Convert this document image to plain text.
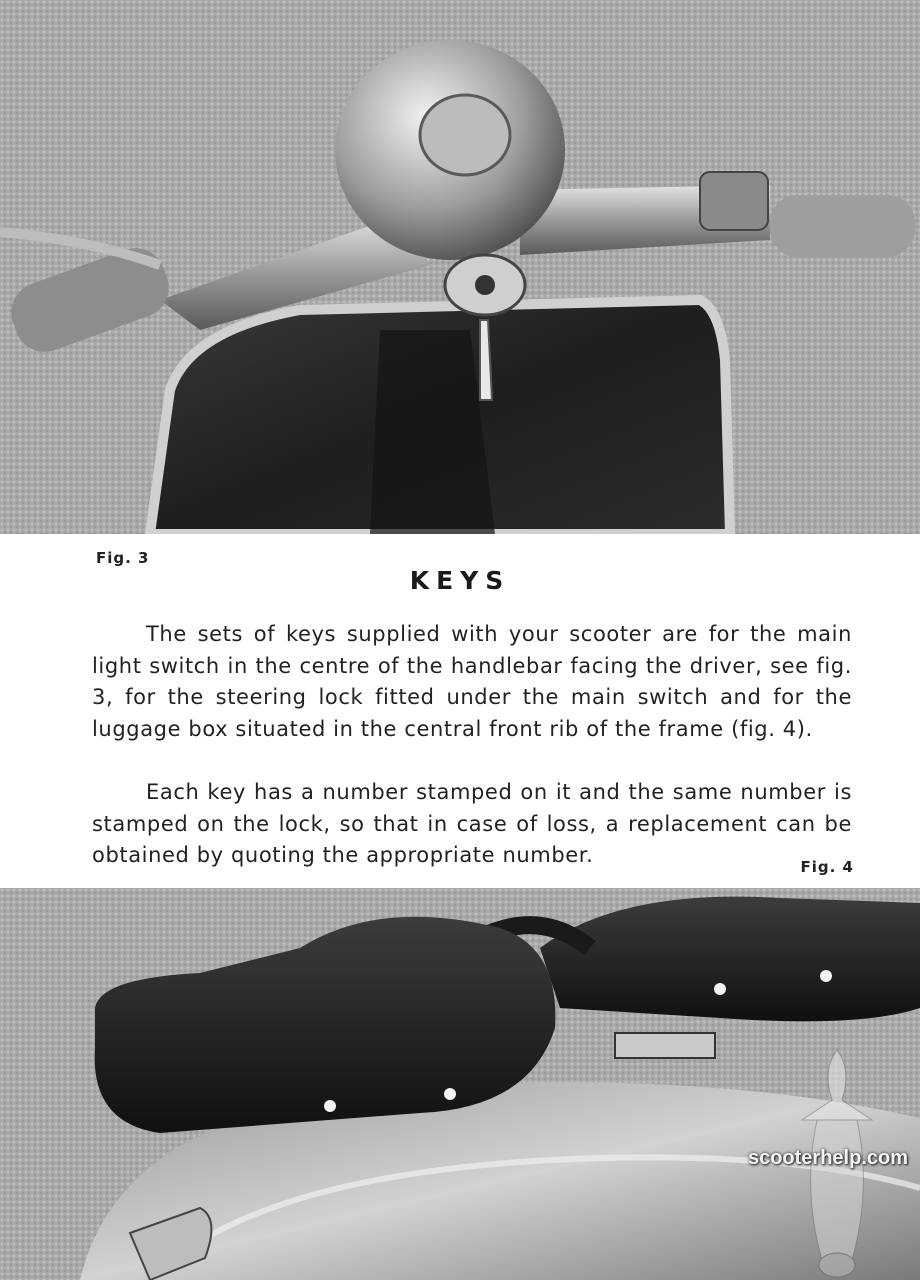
Fig. 3
KEYS

The sets of keys supplied with your scooter are for the main light switch in the centre of the handlebar facing the driver, see fig. 3, for the steering lock fitted under the main switch and for the luggage box situated in the central front rib of the frame (fig. 4).

Each key has a number stamped on it and the same number is stamped on the lock, so that in case of loss, a replacement can be obtained by quoting the appropriate number.	Fig. 4
scooterhelp.com
